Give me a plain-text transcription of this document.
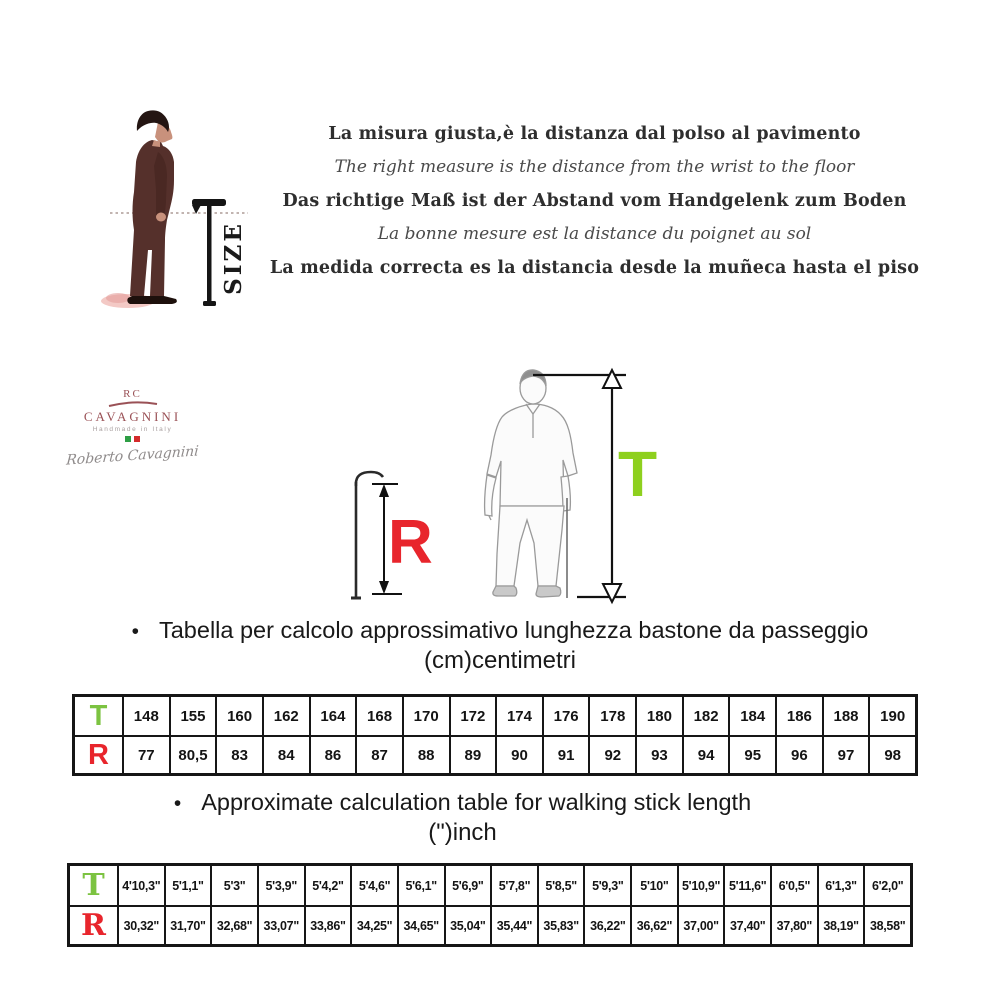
SIZE
La misura giusta,è la distanza dal polso al pavimento
The right measure is the distance from the wrist to the floor
Das richtige Maß ist der Abstand vom Handgelenk zum Boden
La bonne mesure est la distance du poignet au sol
La medida correcta es la distancia desde la muñeca hasta el piso
RC
CAVAGNINI
Handmade in Italy
Roberto Cavagnini
R
T
• Tabella per calcolo approssimativo lunghezza bastone da passeggio
(cm)centimetri
T	148	155	160	162	164	168	170	172	174	176	178	180	182	184	186	188	190
R	77	80,5	83	84	86	87	88	89	90	91	92	93	94	95	96	97	98
• Approximate calculation table for walking stick length
(")inch
T	4'10,3" 5'1,1"	5'3"	5'3,9"	5'4,2"	5'4,6"	5'6,1"	5'6,9"	5'7,8"	5'8,5"	5'9,3"	5'10"	5'10,9" 5'11,6" 6'0,5"	6'1,3"	6'2,0"
R	30,32" 31,70" 32,68" 33,07" 33,86" 34,25" 34,65" 35,04" 35,44" 35,83" 36,22" 36,62" 37,00" 37,40" 37,80" 38,19" 38,58"
